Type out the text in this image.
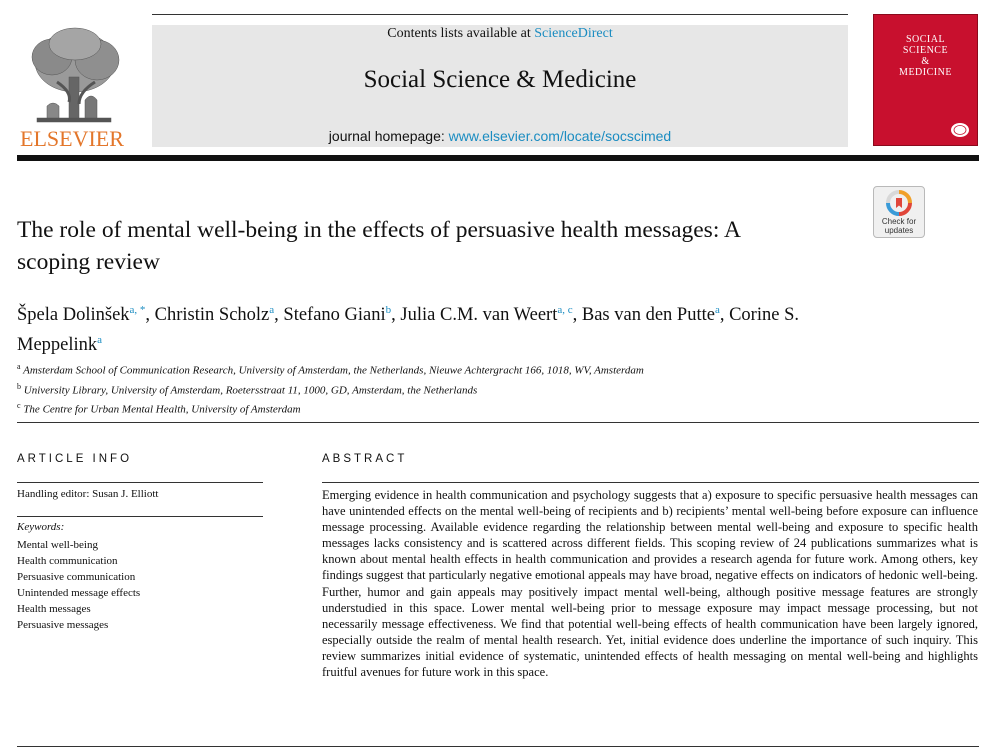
Contents lists available at ScienceDirect
Social Science & Medicine
journal homepage: www.elsevier.com/locate/socscimed
ELSEVIER
SOCIAL
SCIENCE
&
MEDICINE
Check for
updates
The role of mental well-being in the effects of persuasive health messages: A
scoping review
Špela Dolinšek$^{a, *}$, Christin Scholz$^a$, Stefano Giani$^b$, Julia C.M. van Weert$^{a, c}$, Bas van den Putte$^a$, Corine S. Meppelink$^a$
$^a$ Amsterdam School of Communication Research, University of Amsterdam, the Netherlands, Nieuwe Achtergracht 166, 1018, WV, Amsterdam
$^b$ University Library, University of Amsterdam, Roetersstraat 11, 1000, GD, Amsterdam, the Netherlands
$^c$ The Centre for Urban Mental Health, University of Amsterdam
ARTICLE INFO
Handling editor: Susan J. Elliott
Keywords:
Mental well-being
Health communication
Persuasive communication
Unintended message effects
Health messages
Persuasive messages
ABSTRACT
Emerging evidence in health communication and psychology suggests that a) exposure to specific persuasive health messages can have unintended effects on the mental well-being of recipients and b) recipients’ mental well-being before exposure can influence message processing. Available evidence regarding the relationship between mental well-being and exposure to specific health messages lacks consistency and is scattered across different fields. This scoping review of 24 publications summarizes what is known about mental health effects in health communication and provides a research agenda for future work. Among others, key findings suggest that particularly negative emotional appeals may have broad, negative effects on indicators of hedonic well-being. Further, humor and gain appeals may positively impact mental well-being, although positive message features are strongly understudied in this space. Lower mental well-being prior to message exposure may impact message processing, but not necessarily message effectiveness. We find that potential well-being effects of health communication have been largely ignored, especially outside the realm of mental health research. Yet, initial evidence does underline the importance of such inquiry. This review summarizes initial evidence of systematic, unintended effects of health messaging on mental well-being and highlights fruitful avenues for future work in this space.
